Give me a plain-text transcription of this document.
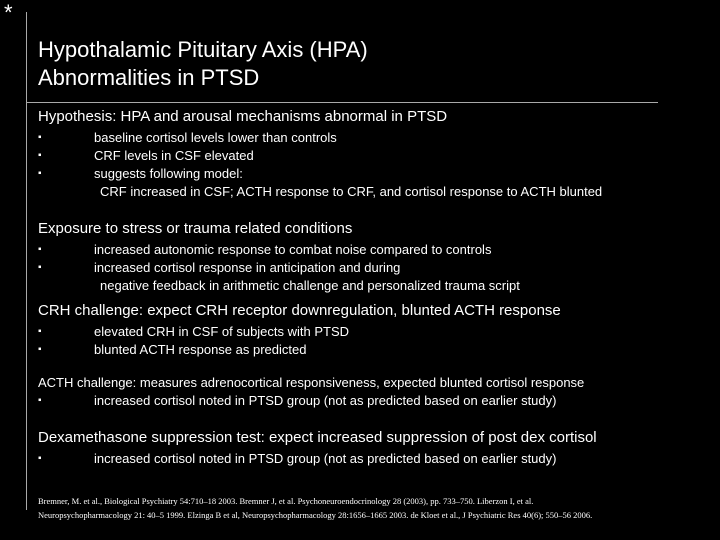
*
Hypothalamic Pituitary Axis (HPA)
Abnormalities in PTSD
Hypothesis: HPA and arousal mechanisms abnormal in PTSD
▪	baseline cortisol levels lower than controls
▪	CRF levels in CSF elevated
▪	suggests following model:
CRF increased in CSF; ACTH response to CRF, and cortisol response to ACTH blunted
Exposure to stress or trauma related conditions
▪	increased autonomic response to combat noise compared to controls
▪	increased cortisol response in anticipation and during
negative feedback in arithmetic challenge and personalized trauma script
CRH challenge: expect CRH receptor downregulation, blunted ACTH response
▪	elevated CRH in CSF of subjects with PTSD
▪	blunted ACTH response as predicted
ACTH challenge: measures adrenocortical responsiveness, expected blunted cortisol response
▪	increased cortisol noted in PTSD group (not as predicted based on earlier study)
Dexamethasone suppression test: expect increased suppression of post dex cortisol
▪	increased cortisol noted in PTSD group (not as predicted based on earlier study)
Bremner, M. et al., Biological Psychiatry 54:710–18 2003. Bremner J, et al. Psychoneuroendocrinology 28 (2003), pp. 733–750. Liberzon I, et al.
Neuropsychopharmacology 21: 40–5 1999. Elzinga B et al, Neuropsychopharmacology 28:1656–1665 2003. de Kloet et al., J Psychiatric Res 40(6); 550–56 2006.
